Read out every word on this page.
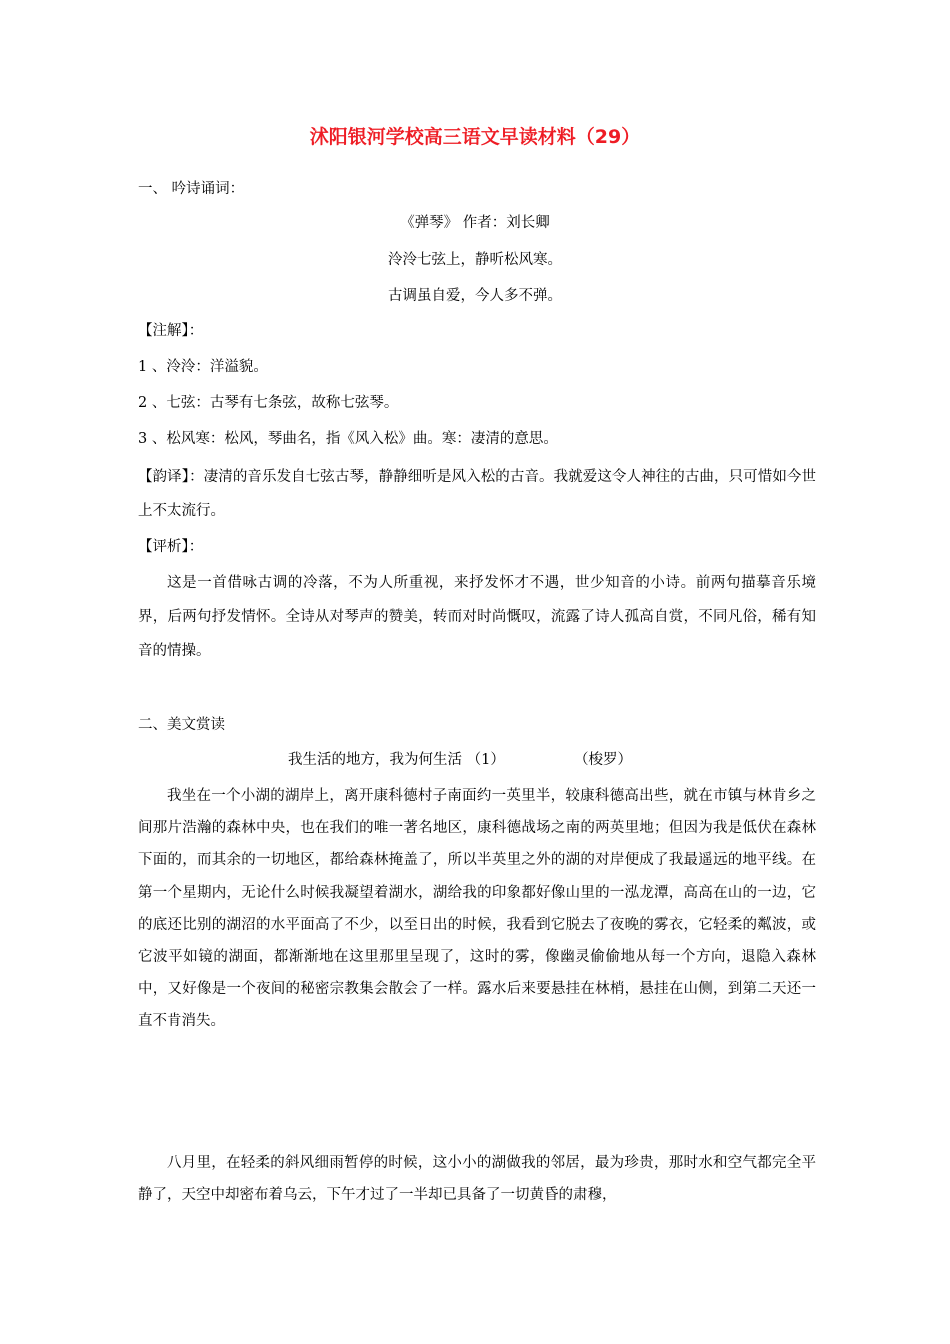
沭阳银河学校高三语文早读材料（29）
一、 吟诗诵词：
《弹琴》 作者：刘长卿
泠泠七弦上，静听松风寒。
古调虽自爱，今人多不弹。
【注解】：
1 、泠泠：洋溢貌。
2 、七弦：古琴有七条弦，故称七弦琴。
3 、松风寒：松风，琴曲名，指《风入松》曲。寒：凄清的意思。

【韵译】：凄清的音乐发自七弦古琴，静静细听是风入松的古音。我就爱这令人神往的古曲，只可惜如今世上不太流行。

【评析】：

这是一首借咏古调的冷落，不为人所重视，来抒发怀才不遇，世少知音的小诗。前两句描摹音乐境界，后两句抒发情怀。全诗从对琴声的赞美，转而对时尚慨叹，流露了诗人孤高自赏，不同凡俗，稀有知音的情操。

二、美文赏读
我生活的地方，我为何生活 （1）	（梭罗）

我坐在一个小湖的湖岸上，离开康科德村子南面约一英里半，较康科德高出些，就在市镇与林肯乡之间那片浩瀚的森林中央，也在我们的唯一著名地区，康科德战场之南的两英里地；但因为我是低伏在森林下面的，而其余的一切地区，都给森林掩盖了，所以半英里之外的湖的对岸便成了我最遥远的地平线。在第一个星期内，无论什么时候我凝望着湖水，湖给我的印象都好像山里的一泓龙潭，高高在山的一边，它的底还比别的湖沼的水平面高了不少，以至日出的时候，我看到它脱去了夜晚的雾衣，它轻柔的粼波，或它波平如镜的湖面，都渐渐地在这里那里呈现了，这时的雾，像幽灵偷偷地从每一个方向，退隐入森林中，又好像是一个夜间的秘密宗教集会散会了一样。露水后来要悬挂在林梢，悬挂在山侧，到第二天还一直不肯消失。

八月里，在轻柔的斜风细雨暂停的时候，这小小的湖做我的邻居，最为珍贵，那时水和空气都完全平静了，天空中却密布着乌云，下午才过了一半却已具备了一切黄昏的肃穆，
